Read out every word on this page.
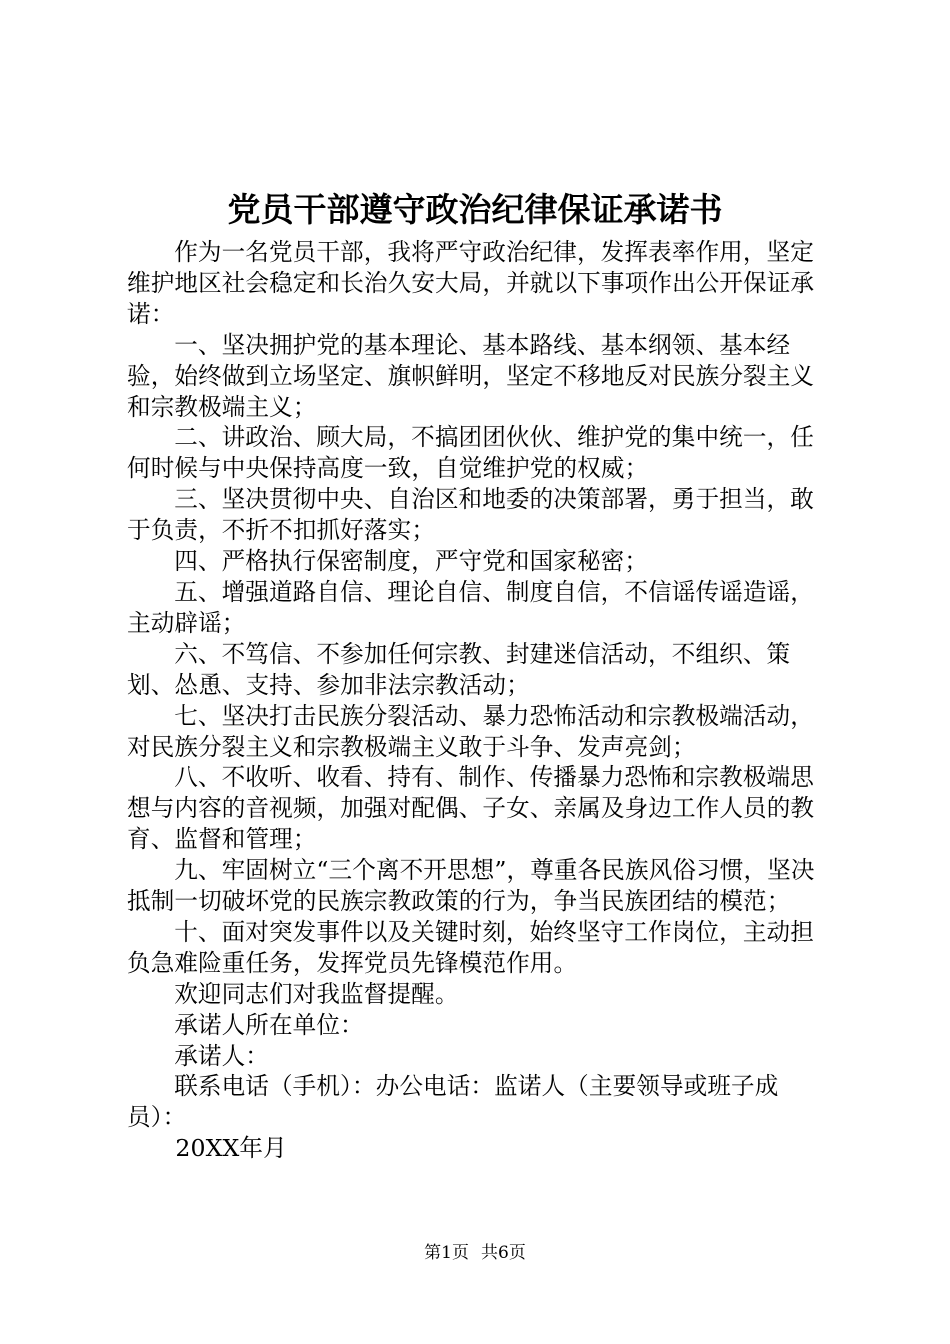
党员干部遵守政治纪律保证承诺书

作为一名党员干部，我将严守政治纪律，发挥表率作用，坚定维护地区社会稳定和长治久安大局，并就以下事项作出公开保证承诺：

一、坚决拥护党的基本理论、基本路线、基本纲领、基本经验，始终做到立场坚定、旗帜鲜明，坚定不移地反对民族分裂主义和宗教极端主义；

二、讲政治、顾大局，不搞团团伙伙、维护党的集中统一，任何时候与中央保持高度一致，自觉维护党的权威；

三、坚决贯彻中央、自治区和地委的决策部署，勇于担当，敢于负责，不折不扣抓好落实；

四、严格执行保密制度，严守党和国家秘密；

五、增强道路自信、理论自信、制度自信，不信谣传谣造谣，主动辟谣；

六、不笃信、不参加任何宗教、封建迷信活动，不组织、策划、怂恿、支持、参加非法宗教活动；

七、坚决打击民族分裂活动、暴力恐怖活动和宗教极端活动，对民族分裂主义和宗教极端主义敢于斗争、发声亮剑；

八、不收听、收看、持有、制作、传播暴力恐怖和宗教极端思想与内容的音视频，加强对配偶、子女、亲属及身边工作人员的教育、监督和管理；

九、牢固树立“三个离不开思想”，尊重各民族风俗习惯，坚决抵制一切破坏党的民族宗教政策的行为，争当民族团结的模范；

十、面对突发事件以及关键时刻，始终坚守工作岗位，主动担负急难险重任务，发挥党员先锋模范作用。

欢迎同志们对我监督提醒。

承诺人所在单位：

承诺人：

联系电话（手机）：办公电话：监诺人（主要领导或班子成员）：

20XX年月

第1页 共6页
